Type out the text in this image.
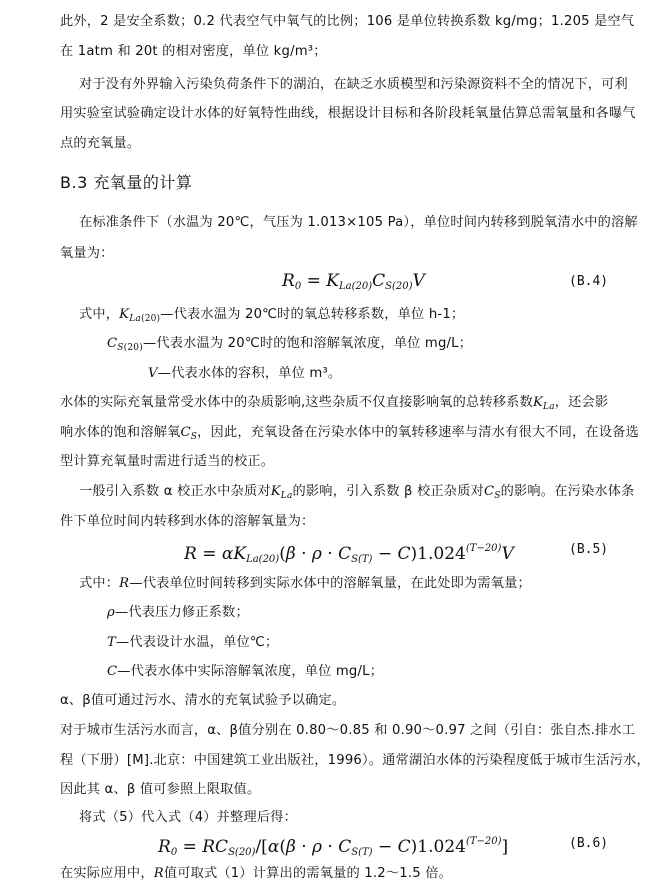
此外，2 是安全系数；0.2 代表空气中氧气的比例；106 是单位转换系数 kg/mg；1.205 是空气
在 1atm 和 20t 的相对密度，单位 kg/m³；
对于没有外界输入污染负荷条件下的湖泊，在缺乏水质模型和污染源资料不全的情况下，可利
用实验室试验确定设计水体的好氧特性曲线，根据设计目标和各阶段耗氧量估算总需氧量和各曝气
点的充氧量。
B.3 充氧量的计算
在标准条件下（水温为 20℃，气压为 1.013×105 Pa），单位时间内转移到脱氧清水中的溶解
氧量为：
$R_0 = K_{La(20)}C_{S(20)}V$	(B.4)
式中，$K_{La(20)}—$代表水温为 20℃时的氧总转移系数，单位 h-1；
$C_{S(20)}—$代表水温为 20℃时的饱和溶解氧浓度，单位 mg/L；
V—代表水体的容积，单位 m³。
水体的实际充氧量常受水体中的杂质影响,这些杂质不仅直接影响氧的总转移系数$K_{La}$，还会影
响水体的饱和溶解氧$C_S$，因此，充氧设备在污染水体中的氧转移速率与清水有很大不同，在设备选
型计算充氧量时需进行适当的校正。
一般引入系数 α 校正水中杂质对$K_{La}$的影响，引入系数 β 校正杂质对$C_S$的影响。在污染水体条
件下单位时间内转移到水体的溶解氧量为：
$R = \alpha K_{La(20)}(\beta \cdot \rho \cdot C_{S(T)} - C)1.024^{(T-20)}V$	(B.5)
式中：R—代表单位时间转移到实际水体中的溶解氧量，在此处即为需氧量；
ρ—代表压力修正系数；
T—代表设计水温，单位℃；
C—代表水体中实际溶解氧浓度，单位 mg/L；
α、β值可通过污水、清水的充氧试验予以确定。
对于城市生活污水而言，α、β值分别在 0.80～0.85 和 0.90～0.97 之间（引自：张自杰.排水工
程（下册）[M].北京：中国建筑工业出版社，1996）。通常湖泊水体的污染程度低于城市生活污水，
因此其 α、β 值可参照上限取值。
将式（5）代入式（4）并整理后得：
$R_0 = RC_{S(20)}/[\alpha(\beta \cdot \rho \cdot C_{S(T)} - C)1.024^{(T-20)}]$	(B.6)
在实际应用中，R值可取式（1）计算出的需氧量的 1.2～1.5 倍。
